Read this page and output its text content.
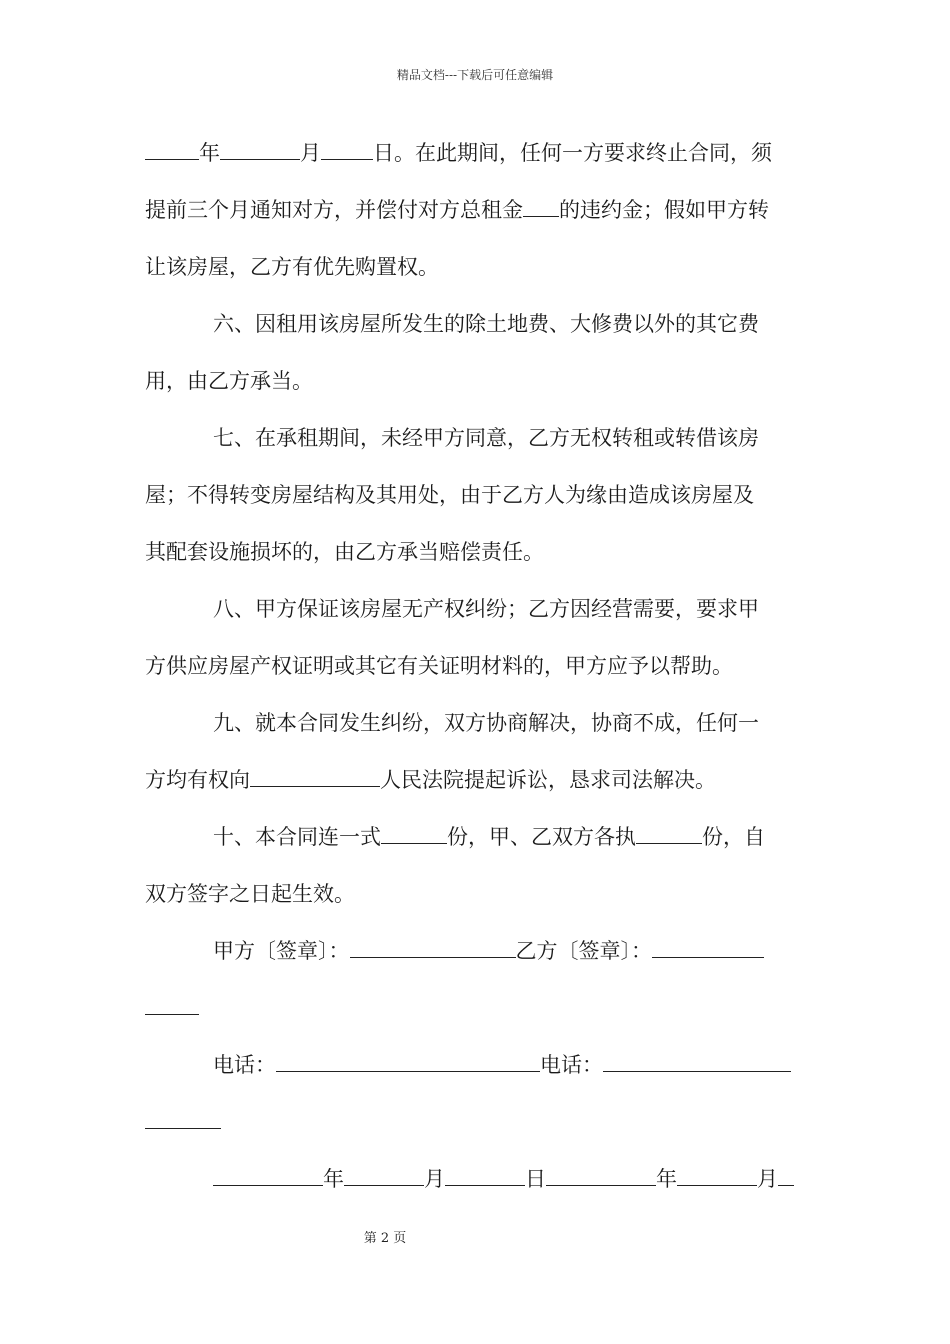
精品文档---下载后可任意编辑
年	月 日。在此期间，任何一方要求终止合同，须
提前三个月通知对方，并偿付对方总租金 的违约金；假如甲方转
让该房屋，乙方有优先购置权。
六、因租用该房屋所发生的除土地费、大修费以外的其它费
用，由乙方承当。
七、在承租期间，未经甲方同意，乙方无权转租或转借该房
屋；不得转变房屋结构及其用处，由于乙方人为缘由造成该房屋及
其配套设施损坏的，由乙方承当赔偿责任。
八、甲方保证该房屋无产权纠纷；乙方因经营需要，要求甲
方供应房屋产权证明或其它有关证明材料的，甲方应予以帮助。
九、就本合同发生纠纷，双方协商解决，协商不成，任何一
方均有权向	人民法院提起诉讼，恳求司法解决。
十、本合同连一式	份，甲、乙双方各执	份，自
双方签字之日起生效。
甲方〔签章〕：	乙方〔签章〕：
电话：	电话：
年	月	日	年	月
第 2 页
